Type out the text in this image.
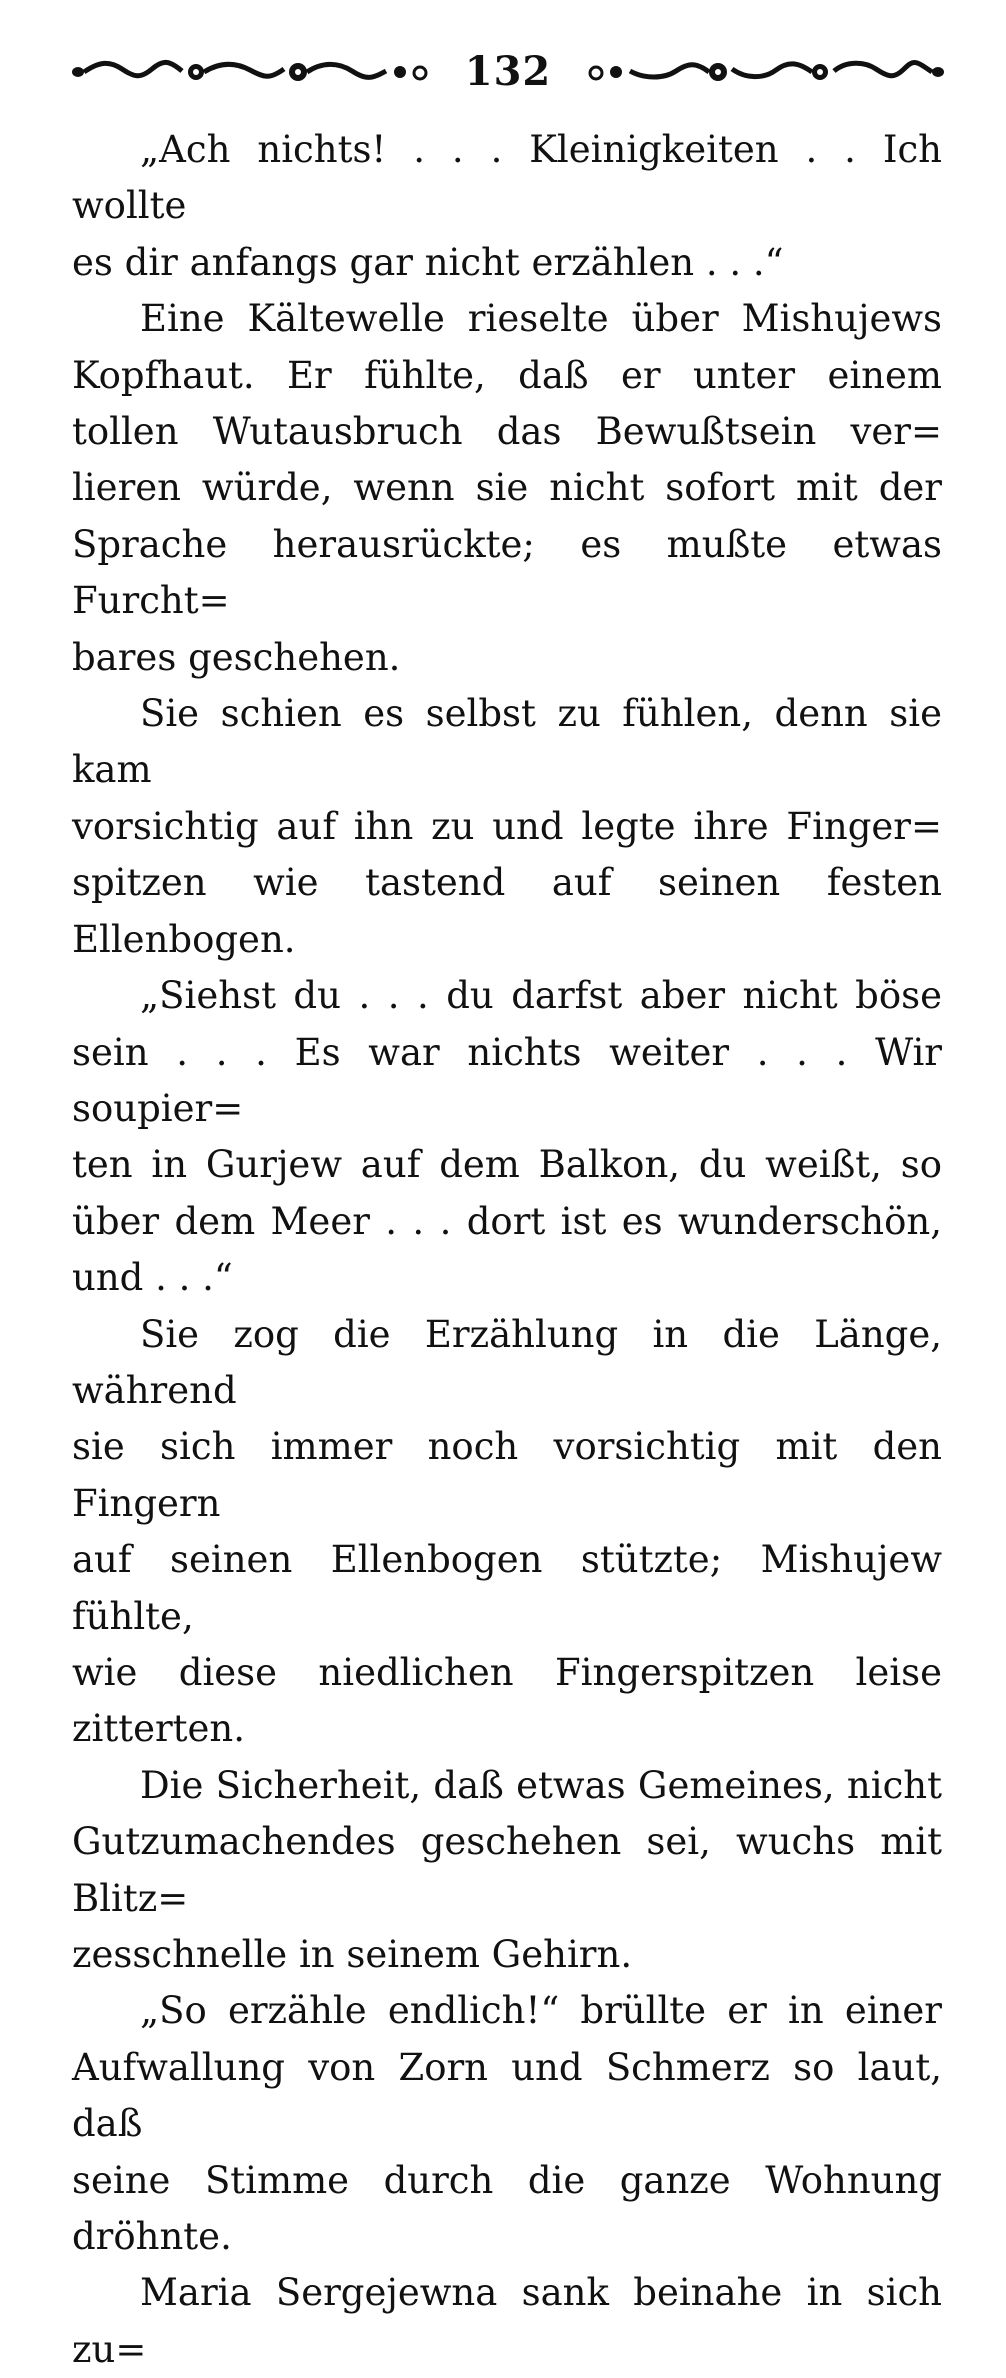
132

„Ach nichts! . . . Kleinigkeiten . . Ich wollte
es dir anfangs gar nicht erzählen . . .“

Eine Kältewelle rieselte über Mishujews
Kopfhaut. Er fühlte, daß er unter einem
tollen Wutausbruch das Bewußtsein ver=
lieren würde, wenn sie nicht sofort mit der
Sprache herausrückte; es mußte etwas Furcht=
bares geschehen.

Sie schien es selbst zu fühlen, denn sie kam
vorsichtig auf ihn zu und legte ihre Finger=
spitzen wie tastend auf seinen festen Ellenbogen.

„Siehst du . . . du darfst aber nicht böse
sein . . . Es war nichts weiter . . . Wir soupier=
ten in Gurjew auf dem Balkon, du weißt, so
über dem Meer . . . dort ist es wunderschön,
und . . .“

Sie zog die Erzählung in die Länge, während
sie sich immer noch vorsichtig mit den Fingern
auf seinen Ellenbogen stützte; Mishujew fühlte,
wie diese niedlichen Fingerspitzen leise zitterten.

Die Sicherheit, daß etwas Gemeines, nicht
Gutzumachendes geschehen sei, wuchs mit Blitz=
zesschnelle in seinem Gehirn.

„So erzähle endlich!“ brüllte er in einer
Aufwallung von Zorn und Schmerz so laut, daß
seine Stimme durch die ganze Wohnung dröhnte.

Maria Sergejewna sank beinahe in sich zu=
